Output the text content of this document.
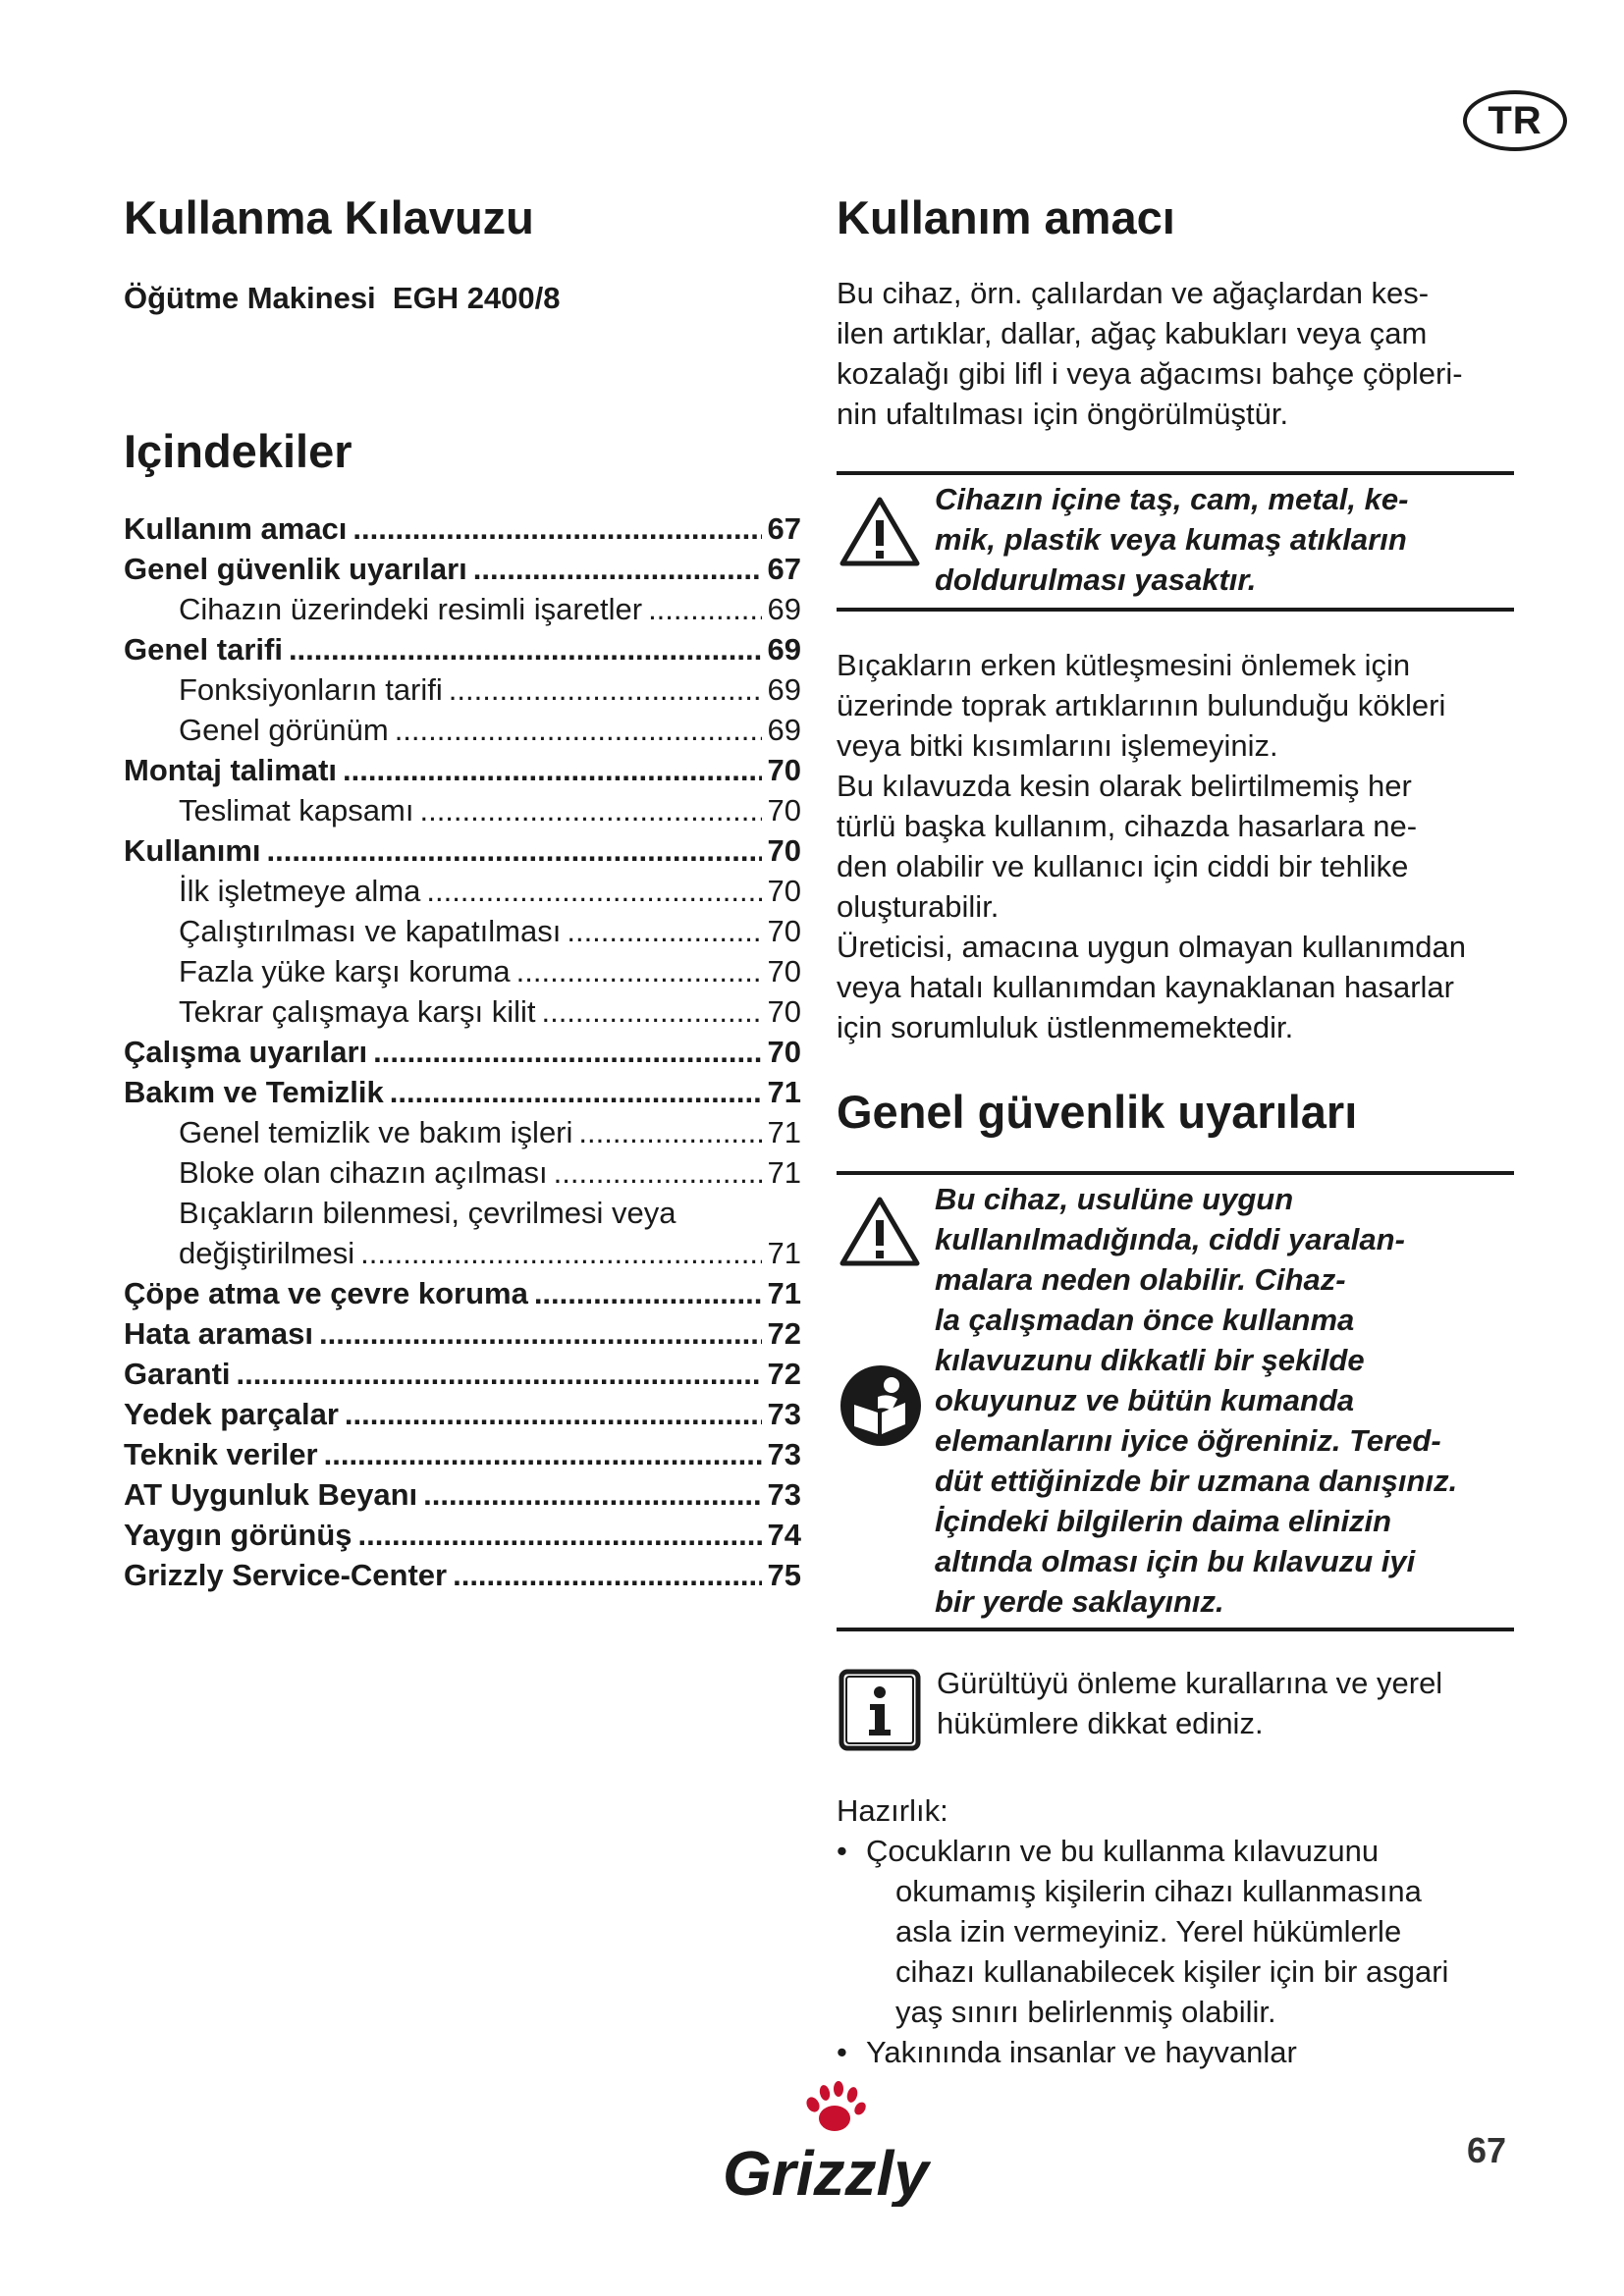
TR
Kullanma Kılavuzu
Öğütme Makinesi  EGH 2400/8
Içindekiler
Kullanım amacı .....	67
Genel güvenlik uyarıları .....	67
Cihazın üzerindeki resimli işaretler .....	69
Genel tarifi .....	69
Fonksiyonların tarifi .....	69
Genel görünüm .....	69
Montaj talimatı .....	70
Teslimat kapsamı .....	70
Kullanımı .....	70
İlk işletmeye alma .....	70
Çalıştırılması ve kapatılması .....	70
Fazla yüke karşı koruma .....	70
Tekrar çalışmaya karşı kilit .....	70
Çalışma uyarıları .....	70
Bakım ve Temizlik .....	71
Genel temizlik ve bakım işleri .....	71
Bloke olan cihazın açılması .....	71
Bıçakların bilenmesi, çevrilmesi veya
değiştirilmesi .....	71
Çöpe atma ve çevre koruma .....	71
Hata araması .....	72
Garanti .....	72
Yedek parçalar .....	73
Teknik veriler .....	73
AT Uygunluk Beyanı .....	73
Yaygın görünüş .....	74
Grizzly Service-Center .....	75
Kullanım amacı
Bu cihaz, örn. çalılardan ve ağaçlardan kes-
ilen artıklar, dallar, ağaç kabukları veya çam
kozalağı gibi lifl i veya ağacımsı bahçe çöpleri-
nin ufaltılması için öngörülmüştür.
Cihazın içine taş, cam, metal, ke-
mik, plastik veya kumaş atıkların
doldurulması yasaktır.
Bıçakların erken kütleşmesini önlemek için
üzerinde toprak artıklarının bulunduğu kökleri
veya bitki kısımlarını işlemeyiniz.
Bu kılavuzda kesin olarak belirtilmemiş her
türlü başka kullanım, cihazda hasarlara ne-
den olabilir ve kullanıcı için ciddi bir tehlike
oluşturabilir.
Üreticisi, amacına uygun olmayan kullanımdan
veya hatalı kullanımdan kaynaklanan hasarlar
için sorumluluk üstlenmemektedir.
Genel güvenlik uyarıları
Bu cihaz, usulüne uygun
kullanılmadığında, ciddi yaralan-
malara neden olabilir. Cihaz-
la çalışmadan önce kullanma
kılavuzunu dikkatli bir şekilde
okuyunuz ve bütün kumanda
elemanlarını iyice öğreniniz. Tered-
düt ettiğinizde bir uzmana danışınız.
İçindeki bilgilerin daima elinizin
altında olması için bu kılavuzu iyi
bir yerde saklayınız.
Gürültüyü önleme kurallarına ve yerel
hükümlere dikkat ediniz.

Hazırlık:

• Çocukların ve bu kullanma kılavuzunu
okumamış kişilerin cihazı kullanmasına
asla izin vermeyiniz. Yerel hükümlerle
cihazı kullanabilecek kişiler için bir asgari
yaş sınırı belirlenmiş olabilir.
• Yakınında insanlar ve hayvanlar
Grizzly	67
